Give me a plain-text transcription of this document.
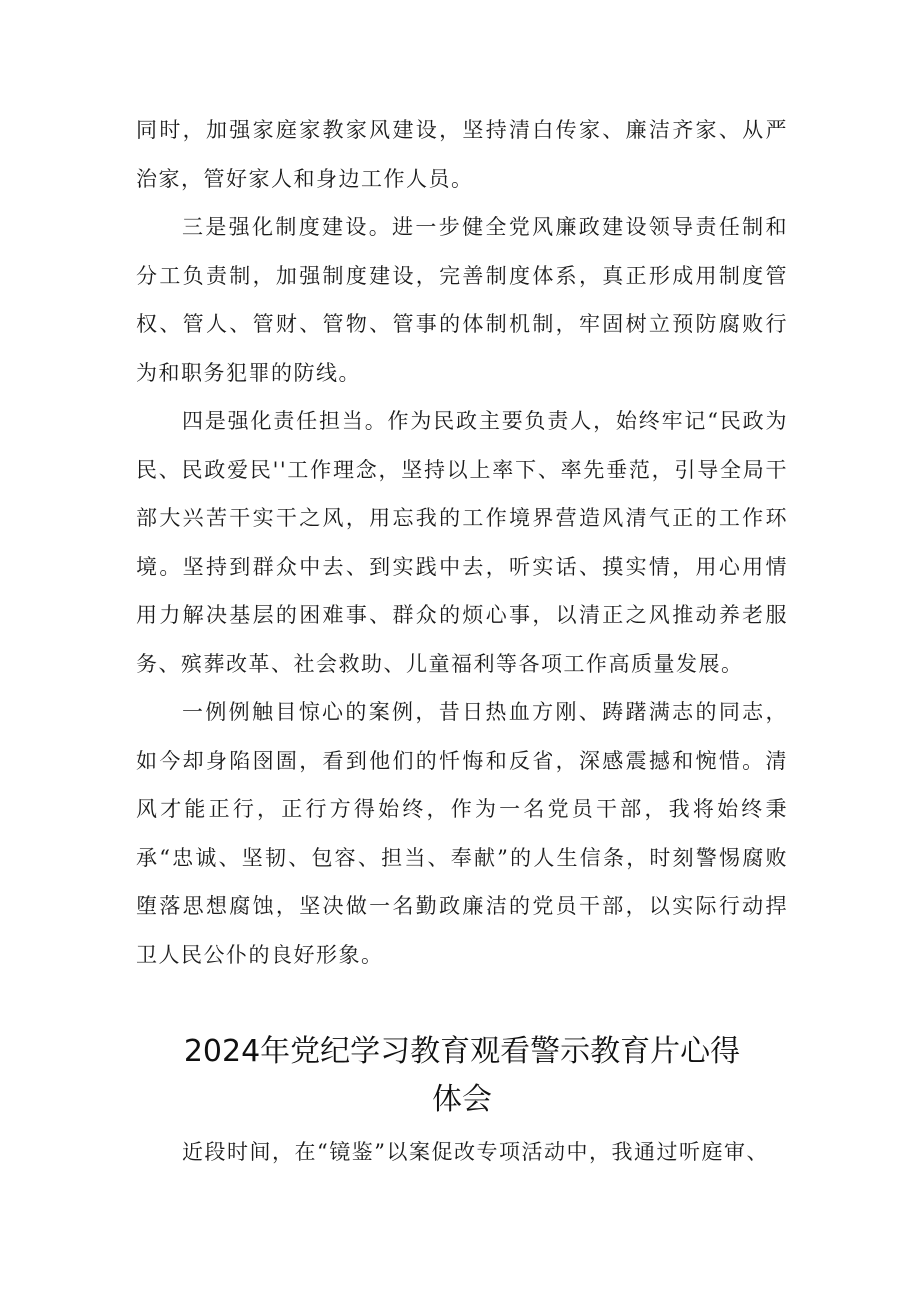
同时，加强家庭家教家风建设，坚持清白传家、廉洁齐家、从严治家，管好家人和身边工作人员。

三是强化制度建设。进一步健全党风廉政建设领导责任制和分工负责制，加强制度建设，完善制度体系，真正形成用制度管权、管人、管财、管物、管事的体制机制，牢固树立预防腐败行为和职务犯罪的防线。

四是强化责任担当。作为民政主要负责人，始终牢记“民政为民、民政爱民''工作理念，坚持以上率下、率先垂范，引导全局干部大兴苦干实干之风，用忘我的工作境界营造风清气正的工作环境。坚持到群众中去、到实践中去，听实话、摸实情，用心用情用力解决基层的困难事、群众的烦心事，以清正之风推动养老服务、殡葬改革、社会救助、儿童福利等各项工作高质量发展。

一例例触目惊心的案例，昔日热血方刚、踌躇满志的同志，如今却身陷囹圄，看到他们的忏悔和反省，深感震撼和惋惜。清风才能正行，正行方得始终，作为一名党员干部，我将始终秉承“忠诚、坚韧、包容、担当、奉献”的人生信条，时刻警惕腐败堕落思想腐蚀，坚决做一名勤政廉洁的党员干部，以实际行动捍卫人民公仆的良好形象。

2024年党纪学习教育观看警示教育片心得
体会

近段时间，在“镜鉴”以案促改专项活动中，我通过听庭审、
